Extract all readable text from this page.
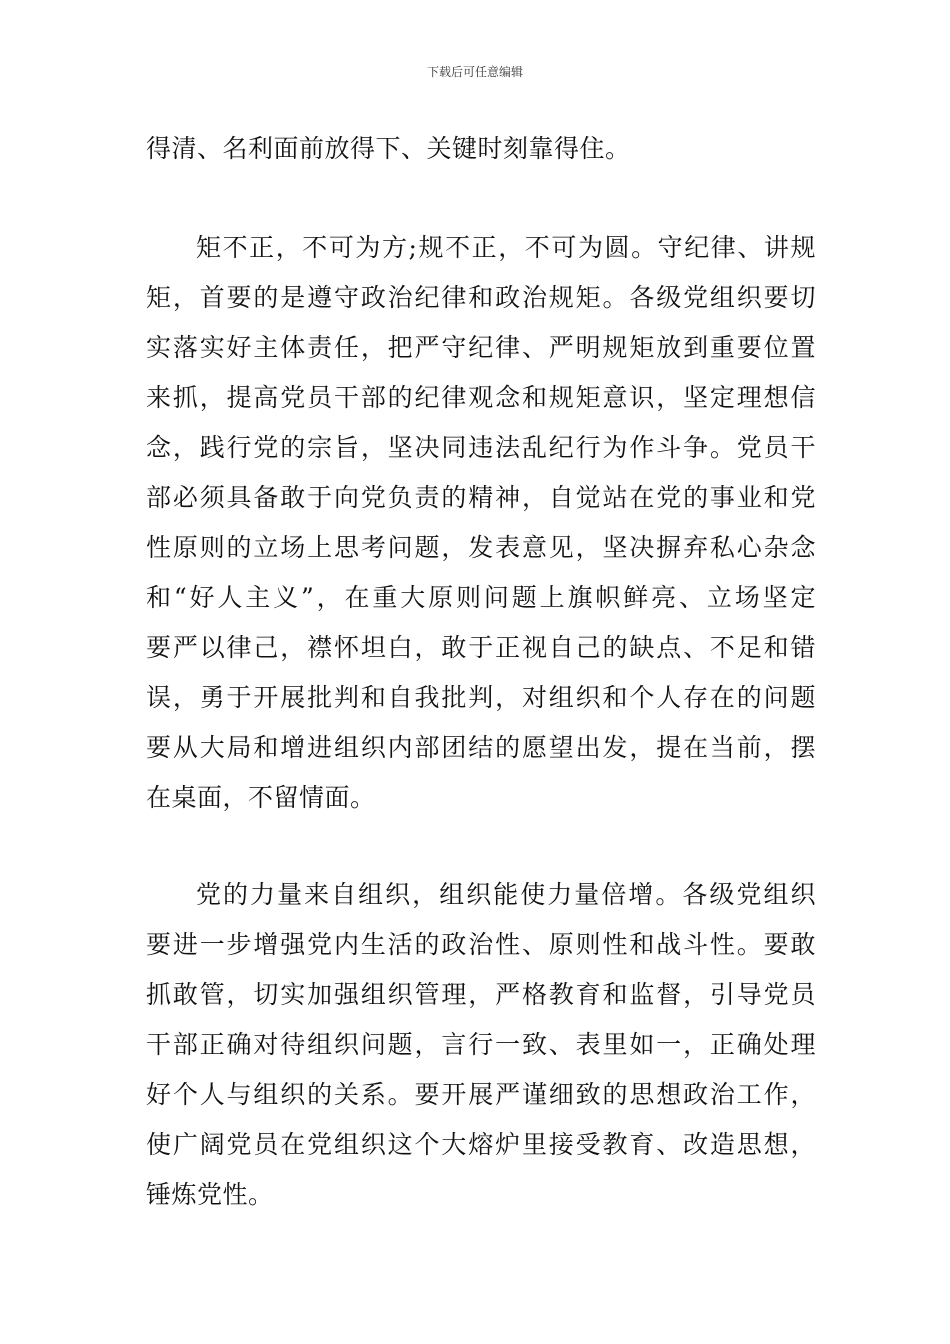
下载后可任意编辑
得清、名利面前放得下、关键时刻靠得住。
矩不正，不可为方;规不正，不可为圆。守纪律、讲规
矩，首要的是遵守政治纪律和政治规矩。各级党组织要切
实落实好主体责任，把严守纪律、严明规矩放到重要位置
来抓，提高党员干部的纪律观念和规矩意识，坚定理想信
念，践行党的宗旨，坚决同违法乱纪行为作斗争。党员干
部必须具备敢于向党负责的精神，自觉站在党的事业和党
性原则的立场上思考问题，发表意见，坚决摒弃私心杂念
和“好人主义”，在重大原则问题上旗帜鲜亮、立场坚定
要严以律己，襟怀坦白，敢于正视自己的缺点、不足和错
误，勇于开展批判和自我批判，对组织和个人存在的问题
要从大局和增进组织内部团结的愿望出发，提在当前，摆
在桌面，不留情面。
党的力量来自组织，组织能使力量倍增。各级党组织
要进一步增强党内生活的政治性、原则性和战斗性。要敢
抓敢管，切实加强组织管理，严格教育和监督，引导党员
干部正确对待组织问题，言行一致、表里如一，正确处理
好个人与组织的关系。要开展严谨细致的思想政治工作，
使广阔党员在党组织这个大熔炉里接受教育、改造思想，
锤炼党性。
